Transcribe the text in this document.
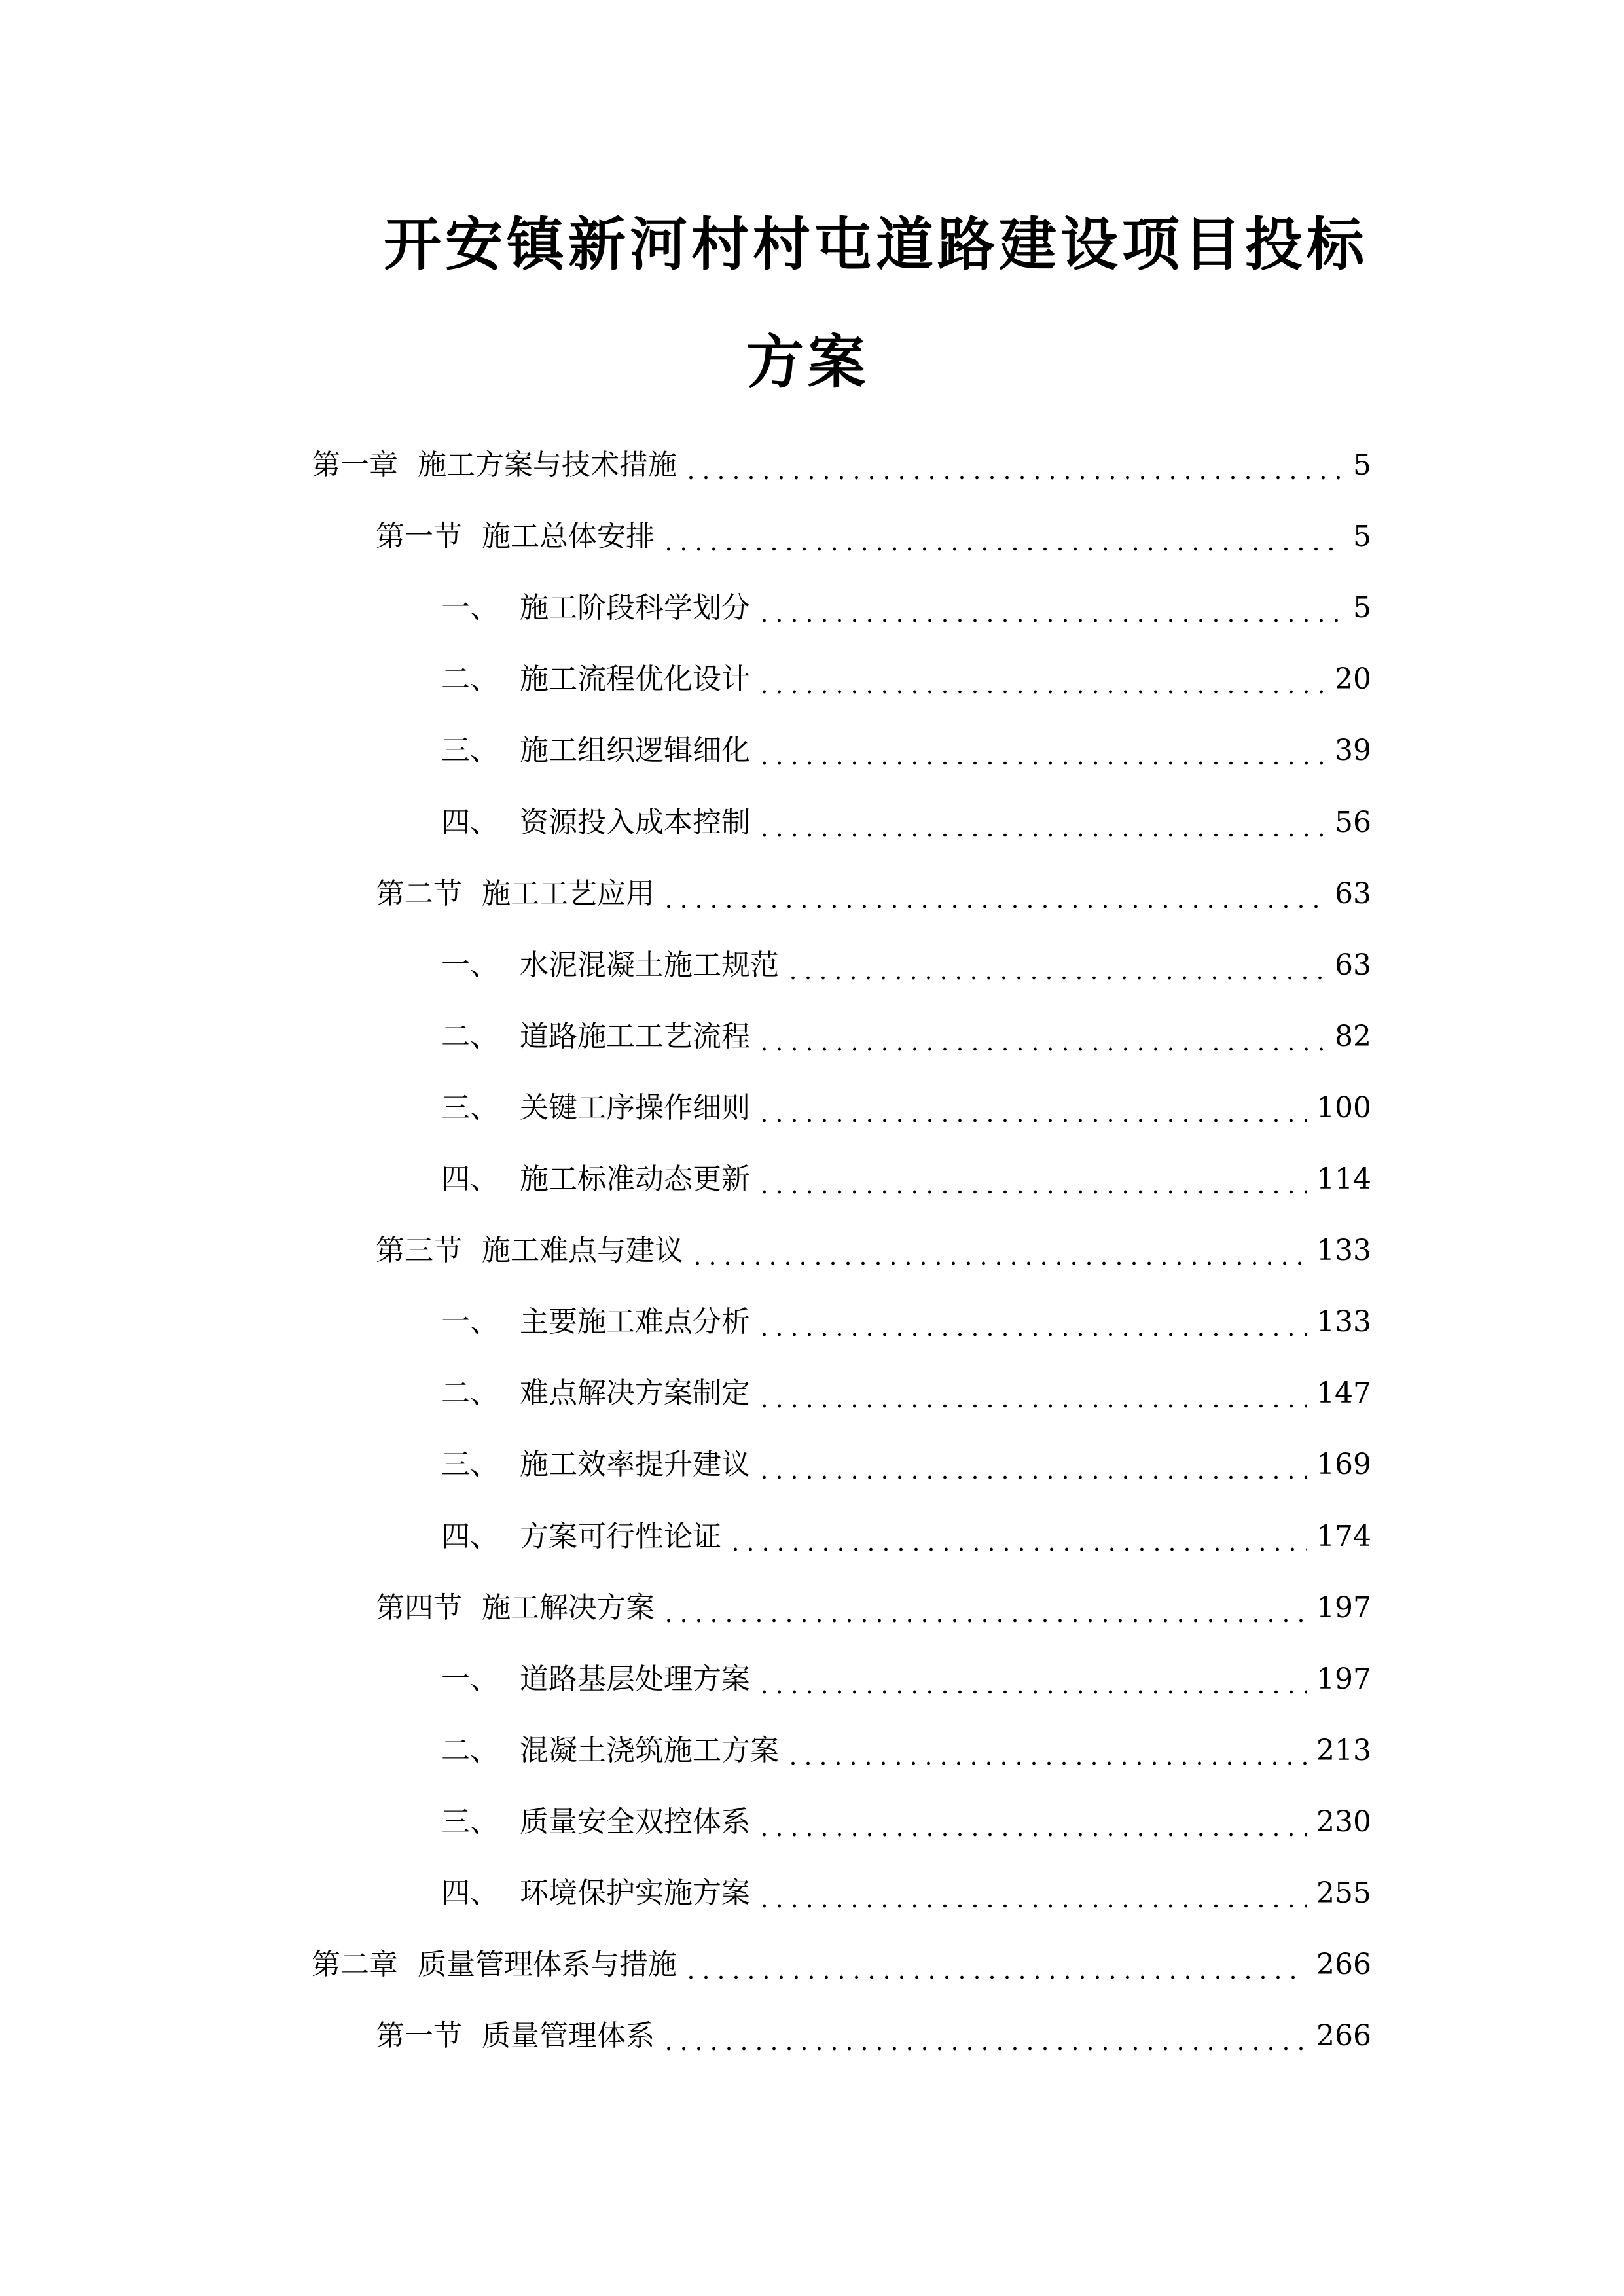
开安镇新河村村屯道路建设项目投标
方案
第一章 施工方案与技术措施	5
第一节 施工总体安排	5
一、 施工阶段科学划分	5
二、 施工流程优化设计	20
三、 施工组织逻辑细化	39
四、 资源投入成本控制	56
第二节 施工工艺应用	63
一、 水泥混凝土施工规范	63
二、 道路施工工艺流程	82
三、 关键工序操作细则	100
四、 施工标准动态更新	114
第三节 施工难点与建议	133
一、 主要施工难点分析	133
二、 难点解决方案制定	147
三、 施工效率提升建议	169
四、 方案可行性论证	174
第四节 施工解决方案	197
一、 道路基层处理方案	197
二、 混凝土浇筑施工方案	213
三、 质量安全双控体系	230
四、 环境保护实施方案	255
第二章 质量管理体系与措施	266
第一节 质量管理体系	266
